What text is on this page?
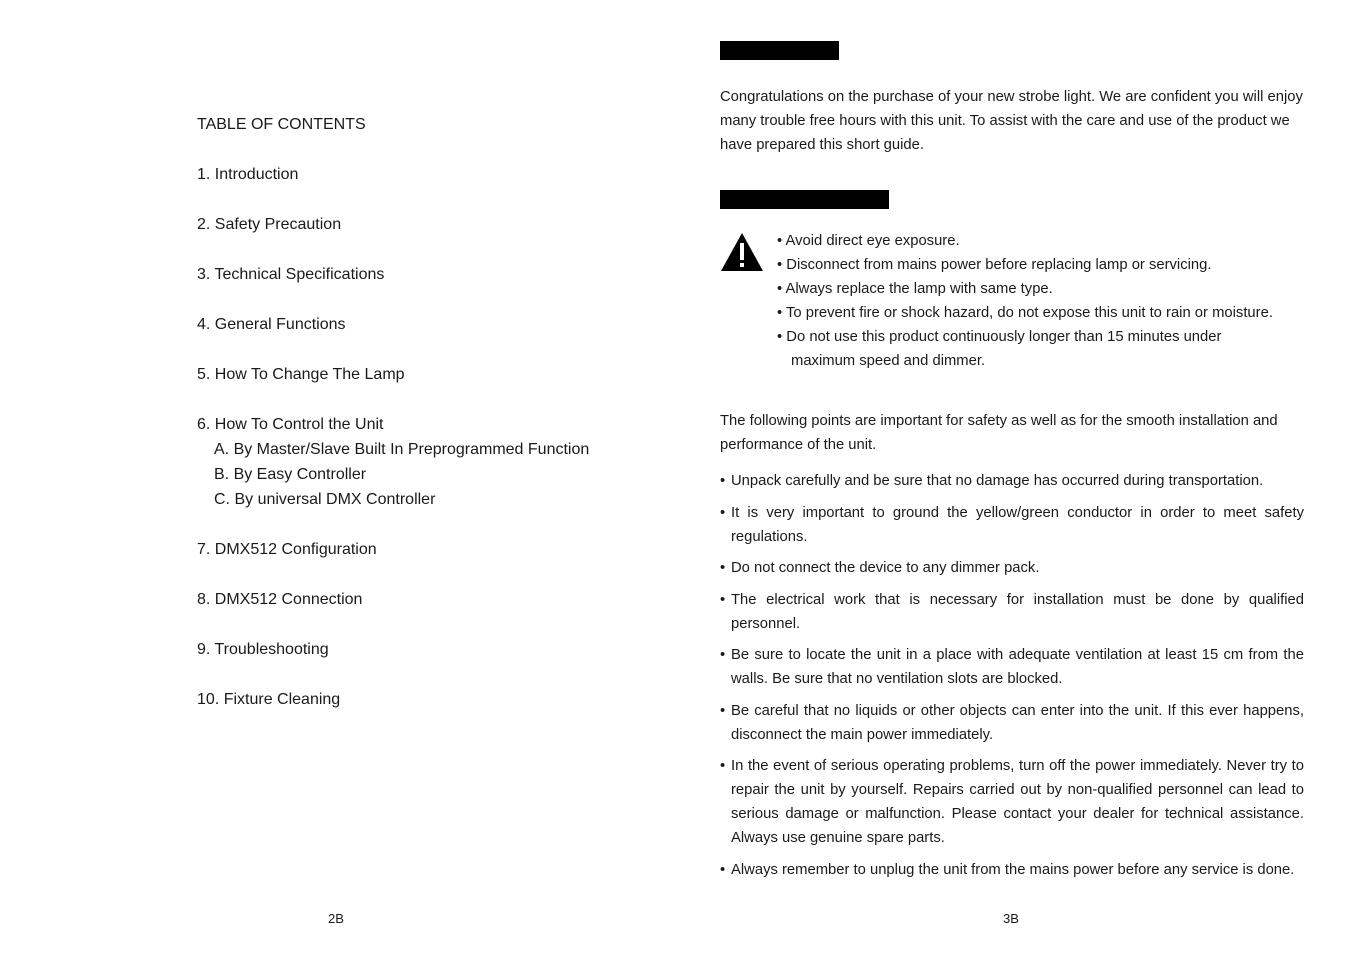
TABLE OF CONTENTS
1. Introduction
2. Safety Precaution
3. Technical Specifications
4. General Functions
5. How To Change The Lamp
6. How To Control the Unit
A. By Master/Slave Built In Preprogrammed Function
B. By Easy Controller
C. By universal DMX Controller
7. DMX512 Configuration
8. DMX512 Connection
9. Troubleshooting
10. Fixture Cleaning
2B

Congratulations on the purchase of your new strobe light. We are confident you will enjoy many trouble free hours with this unit. To assist with the care and use of the product we have prepared this short guide.

• Avoid direct eye exposure.
• Disconnect from mains power before replacing lamp or servicing.
• Always replace the lamp with same type.
• To prevent fire or shock hazard, do not expose this unit to rain or moisture.
• Do not use this product continuously longer than 15 minutes under maximum speed and dimmer.

The following points are important for safety as well as for the smooth installation and performance of the unit.

• Unpack carefully and be sure that no damage has occurred during transportation.
• It is very important to ground the yellow/green conductor in order to meet safety regulations.
• Do not connect the device to any dimmer pack.
• The electrical work that is necessary for installation must be done by qualified personnel.
• Be sure to locate the unit in a place with adequate ventilation at least 15 cm from the walls. Be sure that no ventilation slots are blocked.
• Be careful that no liquids or other objects can enter into the unit. If this ever happens, disconnect the main power immediately.
• In the event of serious operating problems, turn off the power immediately. Never try to repair the unit by yourself. Repairs carried out by non-qualified personnel can lead to serious damage or malfunction. Please contact your dealer for technical assistance. Always use genuine spare parts.
• Always remember to unplug the unit from the mains power before any service is done.
3B
